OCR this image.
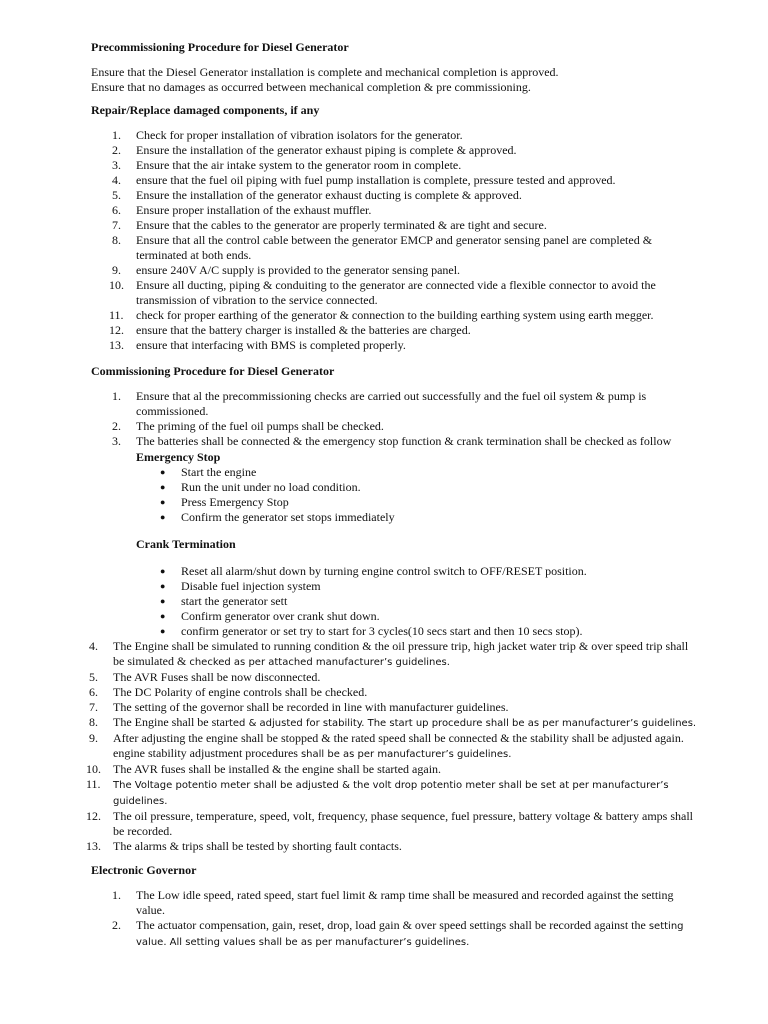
Precommissioning Procedure for Diesel Generator

Ensure that the Diesel Generator installation is complete and mechanical completion is approved.

Ensure that no damages as occurred between mechanical completion & pre commissioning.

Repair/Replace damaged components, if any
1.	Check for proper installation of vibration isolators for the generator.
2.	Ensure the installation of the generator exhaust piping is complete & approved.
3.	Ensure that the air intake system to the generator room in complete.
4.	ensure that the fuel oil piping with fuel pump installation is complete, pressure tested and approved.
5.	Ensure the installation of the generator exhaust ducting is complete & approved.
6.	Ensure proper installation of the exhaust muffler.
7.	Ensure that the cables to the generator are properly terminated & are tight and secure.
8.	Ensure that all the control cable between the generator EMCP and generator sensing panel are completed & terminated at both ends.
9.	ensure 240V A/C supply is provided to the generator sensing panel.
10.	Ensure all ducting, piping & conduiting to the generator are connected vide a flexible connector to avoid the transmission of vibration to the service connected.
11.	check for proper earthing of the generator & connection to the building earthing system using earth megger.
12.	ensure that the battery charger is installed & the batteries are charged.
13.	ensure that interfacing with BMS is completed properly.
Commissioning Procedure for Diesel Generator
1.	Ensure that al the precommissioning checks are carried out successfully and the fuel oil system & pump is commissioned.
2.	The priming of the fuel oil pumps shall be checked.
3.	The batteries shall be connected & the emergency stop function & crank termination shall be checked as follow
Emergency Stop
● Start the engine
● Run the unit under no load condition.
● Press Emergency Stop
● Confirm the generator set stops immediately
Crank Termination
● Reset all alarm/shut down by turning engine control switch to OFF/RESET position.
● Disable fuel injection system
● start the generator sett
● Confirm generator over crank shut down.
● confirm generator or set try to start for 3 cycles(10 secs start and then 10 secs stop).
4.	The Engine shall be simulated to running condition & the oil pressure trip, high jacket water trip & over speed trip shall be simulated & checked as per attached manufacturer’s guidelines.
5.	The AVR Fuses shall be now disconnected.
6.	The DC Polarity of engine controls shall be checked.
7.	The setting of the governor shall be recorded in line with manufacturer guidelines.
8.	The Engine shall be started & adjusted for stability. The start up procedure shall be as per manufacturer’s guidelines.
9.	After adjusting the engine shall be stopped & the rated speed shall be connected & the stability shall be adjusted again. engine stability adjustment procedures shall be as per manufacturer’s guidelines.
10.	The AVR fuses shall be installed & the engine shall be started again.
11.	The Voltage potentio meter shall be adjusted & the volt drop potentio meter shall be set at per manufacturer’s guidelines.
12.	The oil pressure, temperature, speed, volt, frequency, phase sequence, fuel pressure, battery voltage & battery amps shall be recorded.
13.	The alarms & trips shall be tested by shorting fault contacts.
Electronic Governor
1.	The Low idle speed, rated speed, start fuel limit & ramp time shall be measured and recorded against the setting value.
2.	The actuator compensation, gain, reset, drop, load gain & over speed settings shall be recorded against the setting value. All setting values shall be as per manufacturer’s guidelines.
